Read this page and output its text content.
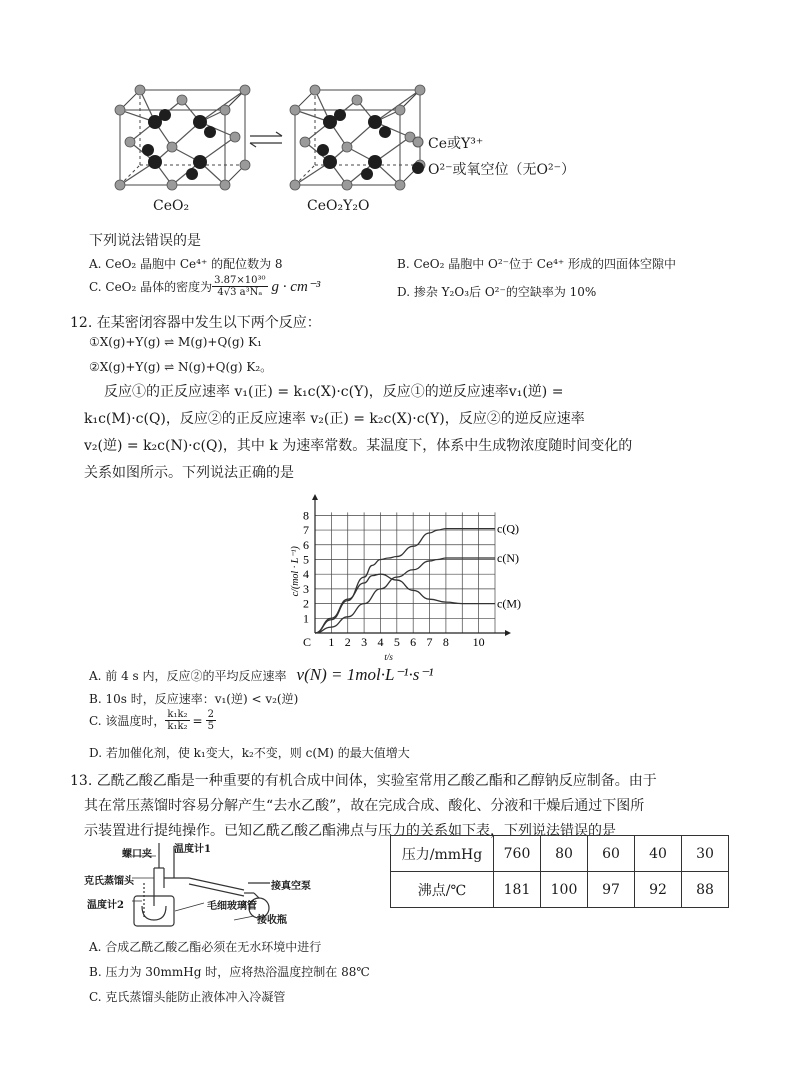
CeO₂	CeO₂Y₂O
Ce或Y³⁺
O²⁻或氧空位（无O²⁻）
下列说法错误的是
A. CeO₂ 晶胞中 Ce⁴⁺ 的配位数为 8	B. CeO₂ 晶胞中 O²⁻位于 Ce⁴⁺ 形成的四面体空隙中
C. CeO₂ 晶体的密度为 $\frac{\text{3.87×10³⁰}}{\text{4√3 a³Nₐ}}$ g · cm⁻³	D. 掺杂 Y₂O₃后 O²⁻的空缺率为 10%
12. 在某密闭容器中发生以下两个反应：
①X(g)+Y(g) ⇌ M(g)+Q(g) K₁
②X(g)+Y(g) ⇌ N(g)+Q(g) K₂。
反应①的正反应速率 v₁(正) = k₁c(X)·c(Y)，反应①的逆反应速率v₁(逆) =
k₁c(M)·c(Q)，反应②的正反应速率 v₂(正) = k₂c(X)·c(Y)，反应②的逆反应速率
v₂(逆) = k₂c(N)·c(Q)，其中 k 为速率常数。某温度下，体系中生成物浓度随时间变化的
关系如图所示。下列说法正确的是
1
2
3
4
5
6
7
8
C 1 2 3 4 5 6 7 8 10
t/s
c/(mol · L⁻¹)
c(Q)
c(N)
c(M)
A. 前 4 s 内，反应②的平均反应速率 v(N) = 1mol·L⁻¹·s⁻¹
B. 10s 时，反应速率：v₁(逆) < v₂(逆)
C. 该温度时， $\frac{\text{k₁k₂}}{\text{k₁k₂}} = \frac{2}{5}$
D. 若加催化剂，使 k₁变大，k₂不变，则 c(M) 的最大值增大
13. 乙酰乙酸乙酯是一种重要的有机合成中间体，实验室常用乙酸乙酯和乙醇钠反应制备。由于
其在常压蒸馏时容易分解产生“去水乙酸”，故在完成合成、酸化、分液和干燥后通过下图所
示装置进行提纯操作。已知乙酰乙酸乙酯沸点与压力的关系如下表，下列说法错误的是
螺口夹 温度计1
克氏蒸馏头	接真空泵
温度计2	毛细玻璃管
接收瓶
压力/mmHg	760	80	60	40	30
沸点/℃	181	100	97	92	88
A. 合成乙酰乙酸乙酯必须在无水环境中进行
B. 压力为 30mmHg 时，应将热浴温度控制在 88℃
C. 克氏蒸馏头能防止液体冲入冷凝管
